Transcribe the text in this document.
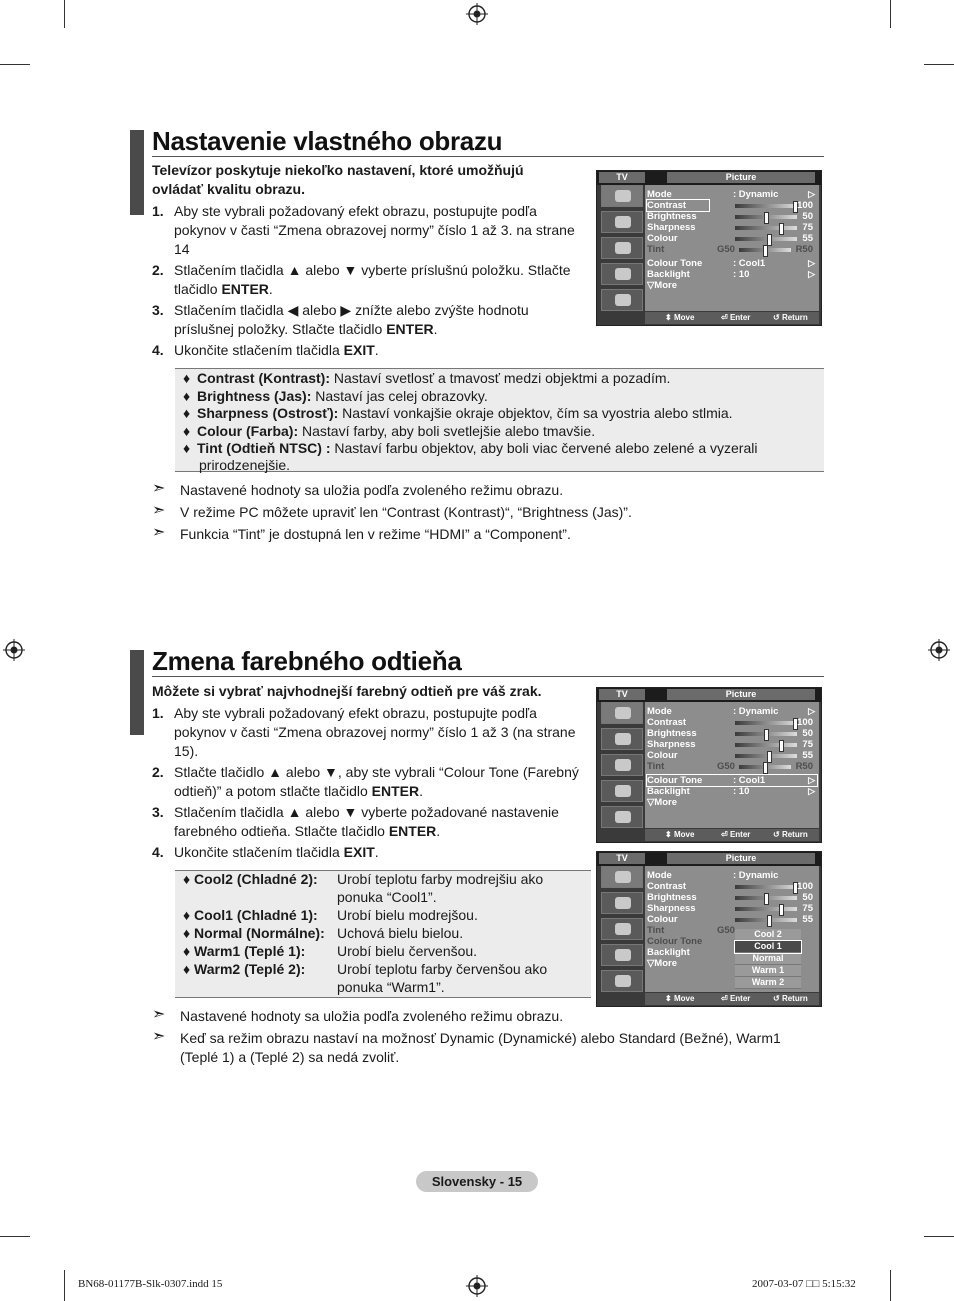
Nastavenie vlastného obrazu
Televízor poskytuje niekoľko nastavení, ktoré umožňujú ovládať kvalitu obrazu.
1. Aby ste vybrali požadovaný efekt obrazu, postupujte podľa pokynov v časti “Zmena obrazovej normy” číslo 1 až 3. na strane 14
2. Stlačením tlačidla ▲ alebo ▼ vyberte príslušnú položku. Stlačte tlačidlo ENTER.
3. Stlačením tlačidla ◀ alebo ▶ znížte alebo zvýšte hodnotu príslušnej položky. Stlačte tlačidlo ENTER.
4. Ukončite stlačením tlačidla EXIT.
♦ Contrast (Kontrast): Nastaví svetlosť a tmavosť medzi objektmi a pozadím.
♦ Brightness (Jas): Nastaví jas celej obrazovky.
♦ Sharpness (Ostrosť): Nastaví vonkajšie okraje objektov, čím sa vyostria alebo stlmia.
♦ Colour (Farba): Nastaví farby, aby boli svetlejšie alebo tmavšie.
♦ Tint (Odtieň NTSC) : Nastaví farbu objektov, aby boli viac červené alebo zelené a vyzerali
prirodzenejšie.
➣ Nastavené hodnoty sa uložia podľa zvoleného režimu obrazu.
➣ V režime PC môžete upraviť len “Contrast (Kontrast)“, “Brightness (Jas)”.
➣ Funkcia “Tint” je dostupná len v režime “HDMI” a “Component”.
TV	Picture
Mode	: Dynamic	▷
Contrast	100
Brightness	50
Sharpness	75
Colour	55
Tint	G50	R50
Colour Tone	: Cool1	▷
Backlight	: 10	▷
▽More
⬍ Move	⏎ Enter	↺ Return
Zmena farebného odtieňa
Môžete si vybrať najvhodnejší farebný odtieň pre váš zrak.
1. Aby ste vybrali požadovaný efekt obrazu, postupujte podľa pokynov v časti “Zmena obrazovej normy” číslo 1 až 3 (na strane 15).
2. Stlačte tlačidlo ▲ alebo ▼, aby ste vybrali “Colour Tone (Farebný odtieň)” a potom stlačte tlačidlo ENTER.
3. Stlačením tlačidla ▲ alebo ▼ vyberte požadované nastavenie farebného odtieňa. Stlačte tlačidlo ENTER.
4. Ukončite stlačením tlačidla EXIT.
♦ Cool2 (Chladné 2): Urobí teplotu farby modrejšiu ako ponuka “Cool1”.
♦ Cool1 (Chladné 1): Urobí bielu modrejšou.
♦ Normal (Normálne): Uchová bielu bielou.
♦ Warm1 (Teplé 1): Urobí bielu červenšou.
♦ Warm2 (Teplé 2): Urobí teplotu farby červenšou ako ponuka “Warm1”.
➣ Nastavené hodnoty sa uložia podľa zvoleného režimu obrazu.
➣ Keď sa režim obrazu nastaví na možnosť Dynamic (Dynamické) alebo Standard (Bežné), Warm1 (Teplé 1) a (Teplé 2) sa nedá zvoliť.
TV	Picture
Mode	: Dynamic	▷
Contrast	100
Brightness	50
Sharpness	75
Colour	55
Tint	G50	R50
Colour Tone	: Cool1	▷
Backlight	: 10	▷
▽More
⬍ Move	⏎ Enter	↺ Return
TV	Picture
Mode	: Dynamic
Contrast	100
Brightness	50
Sharpness	75
Colour	55
Tint	G50
Colour Tone
Backlight
▽More
Cool 2
Cool 1
Normal
Warm 1
Warm 2
⬍ Move	⏎ Enter	↺ Return
Slovensky - 15
BN68-01177B-Slk-0307.indd 15	2007-03-07 □□ 5:15:32
